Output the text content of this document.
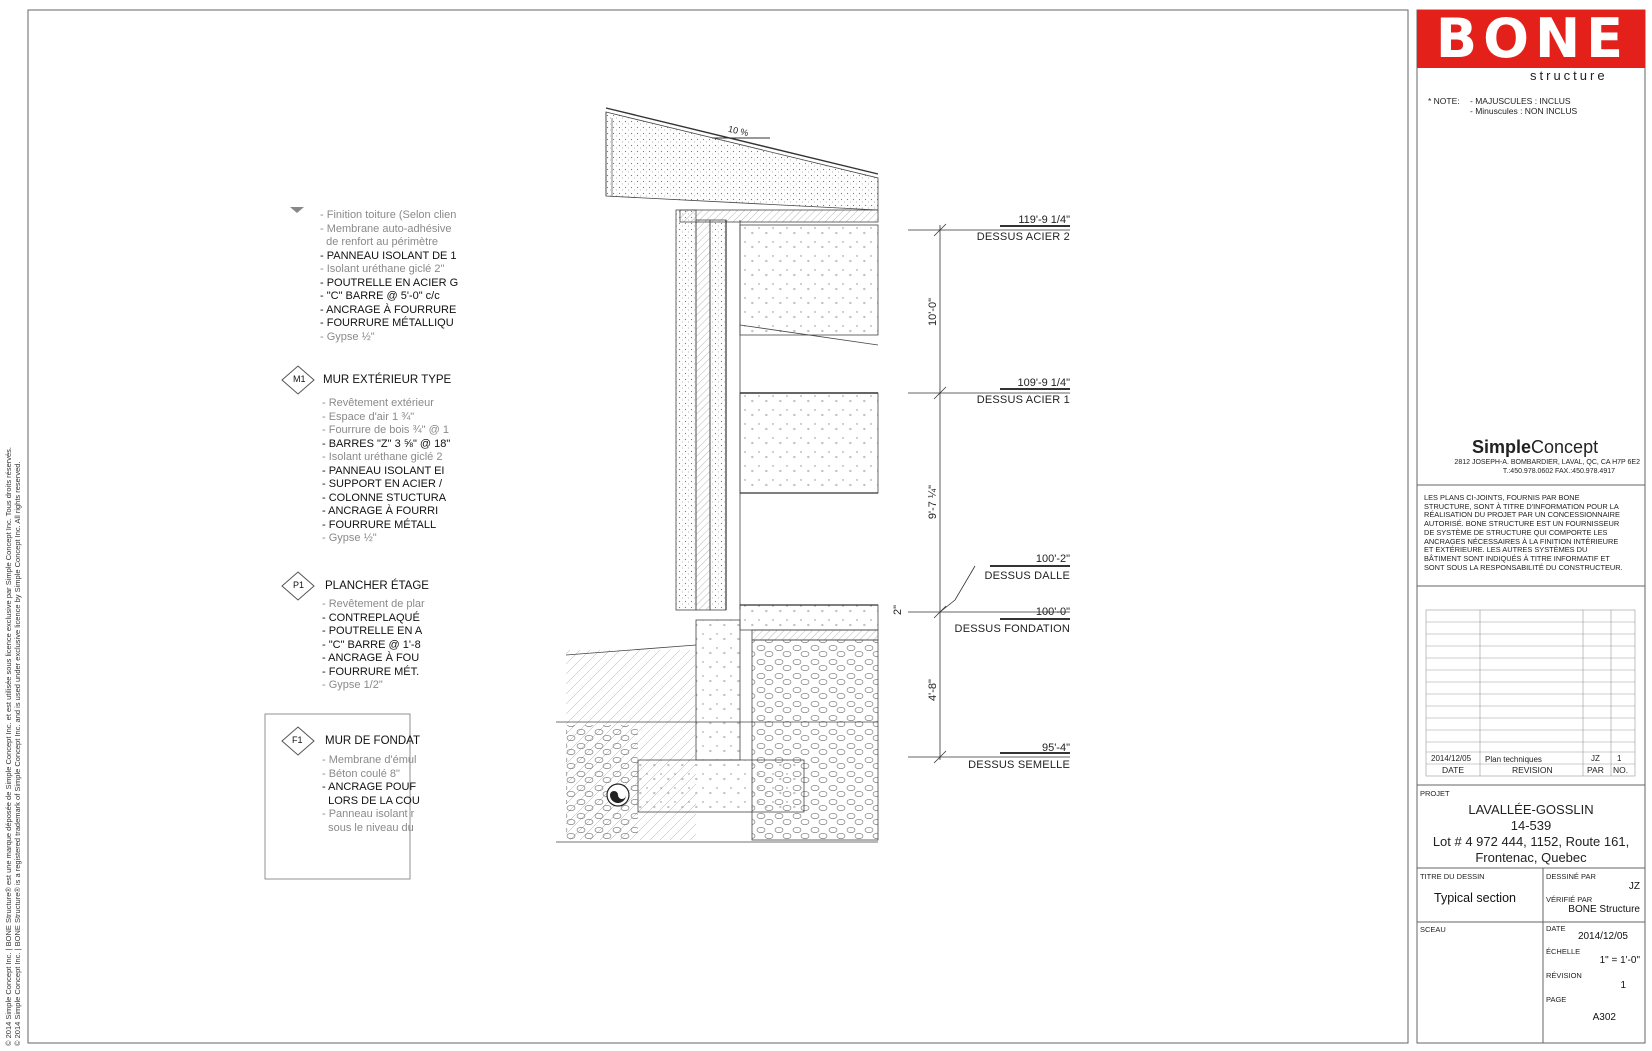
BONE
structure
* NOTE: - MAJUSCULES : INCLUS
- Minuscules : NON INCLUS
SimpleConcept
2812 JOSEPH-A. BOMBARDIER, LAVAL, QC, CA H7P 6E2
T.:450.978.0602 FAX.:450.978.4917
LES PLANS CI-JOINTS, FOURNIS PAR BONE
STRUCTURE, SONT À TITRE D'INFORMATION POUR LA
RÉALISATION DU PROJET PAR UN CONCESSIONNAIRE
AUTORISÉ. BONE STRUCTURE EST UN FOURNISSEUR
DE SYSTÈME DE STRUCTURE QUI COMPORTE LES
ANCRAGES NÉCESSAIRES À LA FINITION INTÉRIEURE
ET EXTÉRIEURE. LES AUTRES SYSTÈMES DU
BÂTIMENT SONT INDIQUÉS À TITRE INFORMATIF ET
SONT SOUS LA RESPONSABILITÉ DU CONSTRUCTEUR.
2014/12/05 Plan techniques	JZ 1
DATE	REVISION	PAR NO.
PROJET
LAVALLÉE-GOSSLIN
14-539
Lot # 4 972 444, 1152, Route 161,
Frontenac, Quebec
TITRE DU DESSIN
Typical section
DESSINÉ PAR
JZ
VÉRIFIÉ PAR
BONE Structure
SCEAU	DATE
2014/12/05
ÉCHELLE
1" = 1'-0"
RÉVISION
1
PAGE
A302
- Finition toiture (Selon clien
- Membrane auto-adhésive
de renfort au périmètre
- PANNEAU ISOLANT DE 1
- Isolant uréthane giclé 2"
- POUTRELLE EN ACIER G
- "C" BARRE @ 5'-0" c/c
- ANCRAGE À FOURRURE
- FOURRURE MÉTALLIQU
- Gypse ½"
M1 MUR EXTÉRIEUR TYPE
- Revêtement extérieur
- Espace d'air 1 ¾"
- Fourrure de bois ¾" @ 1
- BARRES "Z" 3 ⅝" @ 18"
- Isolant uréthane giclé 2
- PANNEAU ISOLANT EI
- SUPPORT EN ACIER /
- COLONNE STUCTURA
- ANCRAGE À FOURRI
- FOURRURE MÉTALL
- Gypse ½"
P1 PLANCHER ÉTAGE
- Revêtement de plar
- CONTREPLAQUÉ
- POUTRELLE EN A
- "C" BARRE @ 1'-8
- ANCRAGE À FOU
- FOURRURE MÉT.
- Gypse 1/2"
F1 MUR DE FONDAT
- Membrane d'émul
- Béton coulé 8"
- ANCRAGE POUF
LORS DE LA COU
- Panneau isolant r
sous le niveau du
10 %
119'-9 1/4"
DESSUS ACIER 2
109'-9 1/4"
DESSUS ACIER 1
100'-2"
DESSUS DALLE
100'-0"
DESSUS FONDATION
95'-4"
DESSUS SEMELLE
10'-0"
9'-7 ¼"
2"
4'-8"
© 2014 Simple Concept Inc. | BONE Structure® est une marque déposée de Simple Concept Inc. et est utilisée sous licence exclusive par Simple Concept Inc. Tous droits réservés. © 2014 Simple Concept Inc. | BONE Structure® is a registered trademark of Simple Concept Inc. and is used under exclusive licence by Simple Concept Inc. All rights reserved.
